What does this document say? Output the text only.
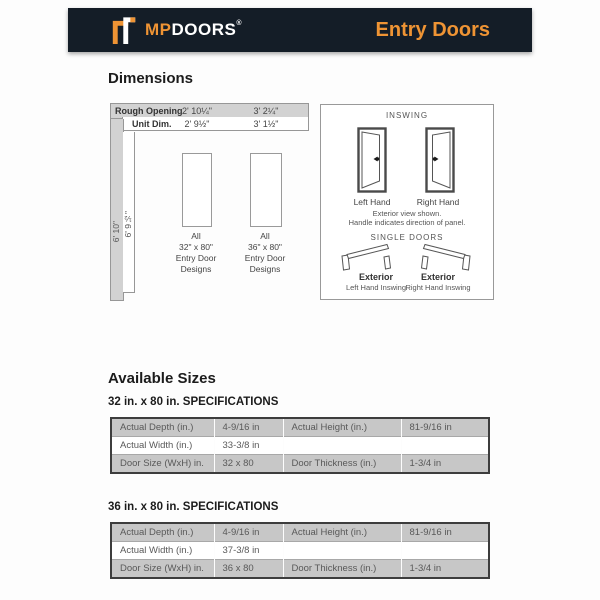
MPDOORS®	Entry Doors
Dimensions
Rough Opening 2' 10¼"	3' 2¼"
Unit Dim.	2' 9½"	3' 1½"
6' 10" 6' 9½"	All
32" x 80"
Entry Door
Designs
All
36" x 80"
Entry Door
Designs
INSWING
Left Hand	Right Hand
Exterior view shown.
Handle indicates direction of panel.
SINGLE DOORS
Exterior	Exterior
Left Hand Inswing Right Hand Inswing
Available Sizes
32 in. x 80 in. SPECIFICATIONS
Actual Depth (in.)	4-9/16 in	Actual Height (in.)	81-9/16 in
Actual Width (in.)	33-3/8 in		
Door Size (WxH) in.	32 x 80	Door Thickness (in.)	1-3/4 in
36 in. x 80 in. SPECIFICATIONS
Actual Depth (in.)	4-9/16 in	Actual Height (in.)	81-9/16 in
Actual Width (in.)	37-3/8 in		
Door Size (WxH) in.	36 x 80	Door Thickness (in.)	1-3/4 in
